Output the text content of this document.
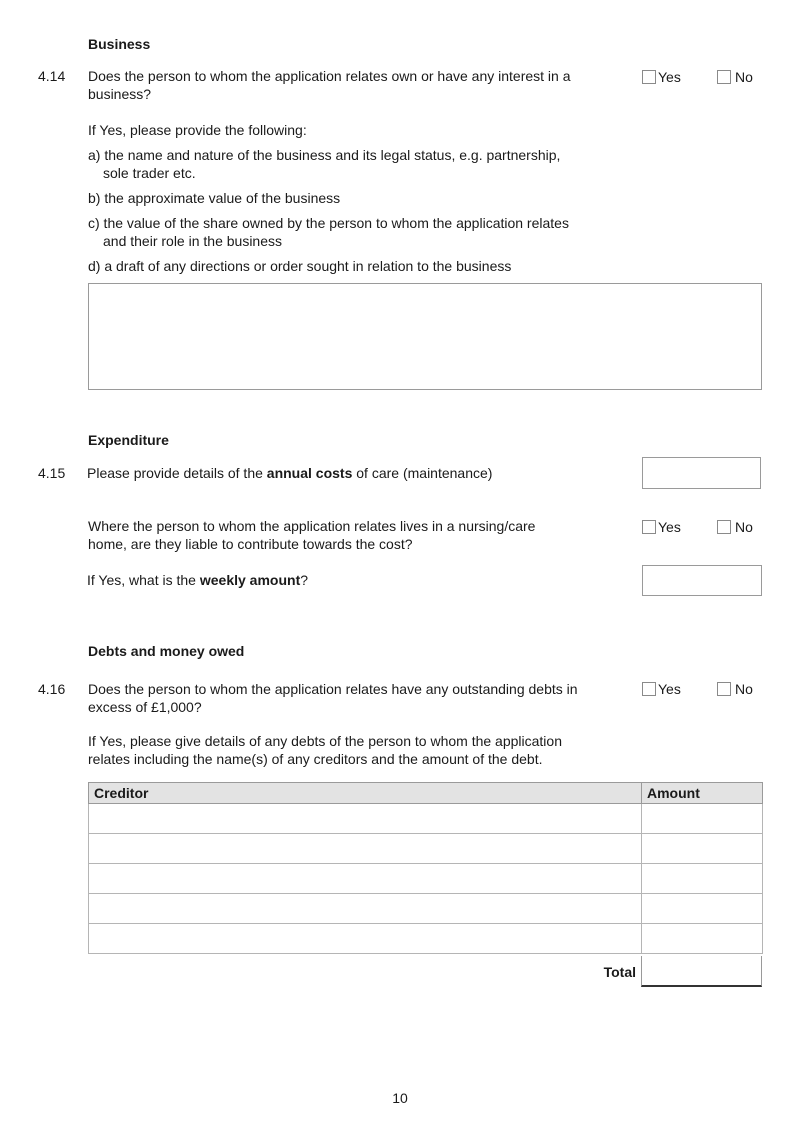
Business
4.14 Does the person to whom the application relates own or have any interest in a business?
Yes	No
If Yes, please provide the following:
a) the name and nature of the business and its legal status, e.g. partnership,
sole trader etc.
b) the approximate value of the business
c) the value of the share owned by the person to whom the application relates
and their role in the business
d) a draft of any directions or order sought in relation to the business
Expenditure
4.15 Please provide details of the annual costs of care (maintenance)
Where the person to whom the application relates lives in a nursing/care home, are they liable to contribute towards the cost?
Yes	No
If Yes, what is the weekly amount?
Debts and money owed
4.16 Does the person to whom the application relates have any outstanding debts in excess of £1,000?
Yes	No
If Yes, please give details of any debts of the person to whom the application relates including the name(s) of any creditors and the amount of the debt.
Creditor	Amount

Total
10
